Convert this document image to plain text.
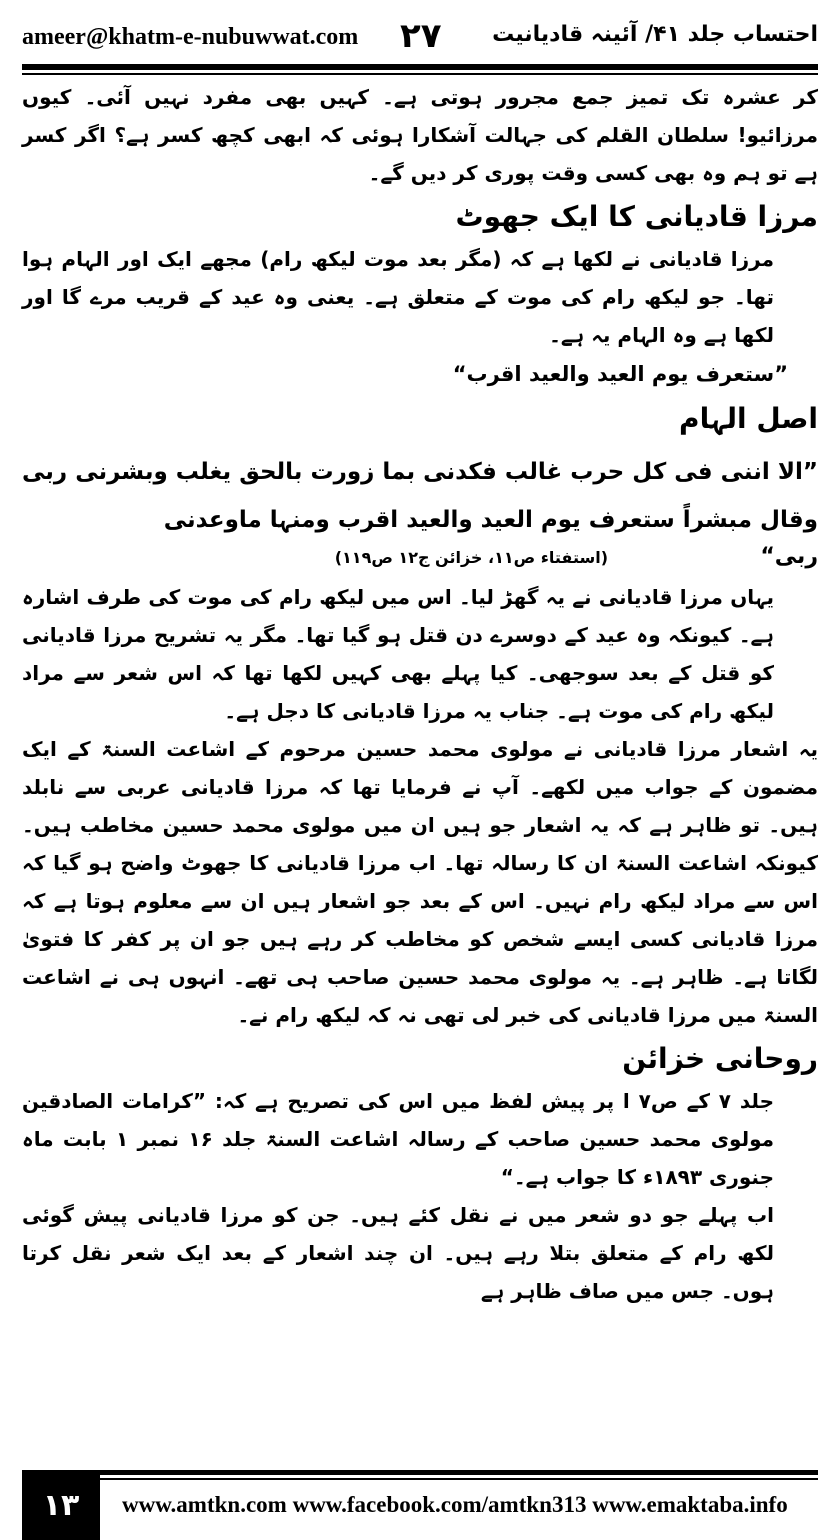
ameer@khatm-e-nubuwwat.com ۲۷ احتساب جلد ۴۱/ آئینہ قادیانیت

کر عشرہ تک تمیز جمع مجرور ہوتی ہے۔ کہیں بھی مفرد نہیں آئی۔ کیوں مرزائیو! سلطان القلم کی جہالت آشکارا ہوئی کہ ابھی کچھ کسر ہے؟ اگر کسر ہے تو ہم وہ بھی کسی وقت پوری کر دیں گے۔

مرزا قادیانی کا ایک جھوٹ

مرزا قادیانی نے لکھا ہے کہ (مگر بعد موت لیکھ رام) مجھے ایک اور الہام ہوا تھا۔ جو لیکھ رام کی موت کے متعلق ہے۔ یعنی وہ عید کے قریب مرے گا اور لکھا ہے وہ الہام یہ ہے۔

”ستعرف یوم العید والعید اقرب“

اصل الہام

”الا اننی فی کل حرب غالب فکدنی بما زورت بالحق یغلب وبشرنی ربی وقال مبشراً ستعرف یوم العید والعید اقرب ومنہا ماوعدنی

ربی“
(استفتاء ص۱۱، خزائن ج۱۲ ص۱۱۹)

یہاں مرزا قادیانی نے یہ گھڑ لیا۔ اس میں لیکھ رام کی موت کی طرف اشارہ ہے۔ کیونکہ وہ عید کے دوسرے دن قتل ہو گیا تھا۔ مگر یہ تشریح مرزا قادیانی کو قتل کے بعد سوجھی۔ کیا پہلے بھی کہیں لکھا تھا کہ اس شعر سے مراد لیکھ رام کی موت ہے۔ جناب یہ مرزا قادیانی کا دجل ہے۔

یہ اشعار مرزا قادیانی نے مولوی محمد حسین مرحوم کے اشاعت السنۃ کے ایک مضمون کے جواب میں لکھے۔ آپ نے فرمایا تھا کہ مرزا قادیانی عربی سے نابلد ہیں۔ تو ظاہر ہے کہ یہ اشعار جو ہیں ان میں مولوی محمد حسین مخاطب ہیں۔ کیونکہ اشاعت السنۃ ان کا رسالہ تھا۔ اب مرزا قادیانی کا جھوٹ واضح ہو گیا کہ اس سے مراد لیکھ رام نہیں۔ اس کے بعد جو اشعار ہیں ان سے معلوم ہوتا ہے کہ مرزا قادیانی کسی ایسے شخص کو مخاطب کر رہے ہیں جو ان پر کفر کا فتویٰ لگاتا ہے۔ ظاہر ہے۔ یہ مولوی محمد حسین صاحب ہی تھے۔ انہوں ہی نے اشاعت السنۃ میں مرزا قادیانی کی خبر لی تھی نہ کہ لیکھ رام نے۔

روحانی خزائن

جلد ۷ کے ص۷ ا پر پیش لفظ میں اس کی تصریح ہے کہ: ”کرامات الصادقین مولوی محمد حسین صاحب کے رسالہ اشاعت السنۃ جلد ۱۶ نمبر ۱ بابت ماہ جنوری ۱۸۹۳ء کا جواب ہے۔“

اب پہلے جو دو شعر میں نے نقل کئے ہیں۔ جن کو مرزا قادیانی پیش گوئی لکھ رام کے متعلق بتلا رہے ہیں۔ ان چند اشعار کے بعد ایک شعر نقل کرتا ہوں۔ جس میں صاف ظاہر ہے

۱۳	www.amtkn.com www.facebook.com/amtkn313 www.emaktaba.info
